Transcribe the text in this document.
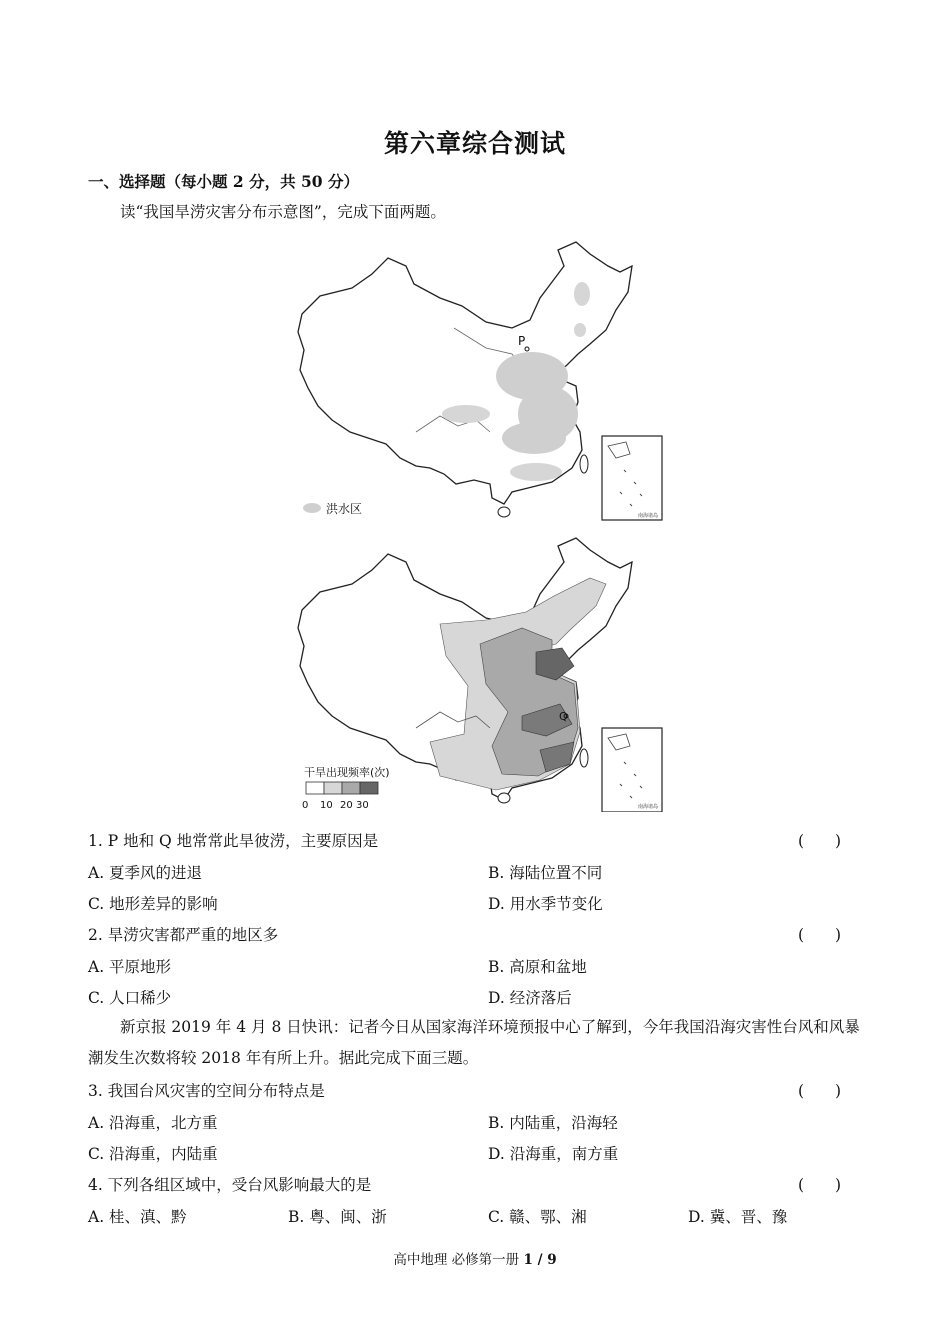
第六章综合测试
一、选择题（每小题 2 分，共 50 分）
读“我国旱涝灾害分布示意图”，完成下面两题。
P
南海诸岛
洪水区
Q
南海诸岛
干旱出现频率(次)
0 10 20 30
1. P 地和 Q 地常常此旱彼涝，主要原因是	(　　)
A. 夏季风的进退	B. 海陆位置不同
C. 地形差异的影响	D. 用水季节变化
2. 旱涝灾害都严重的地区多	(　　)
A. 平原地形	B. 高原和盆地
C. 人口稀少	D. 经济落后
新京报 2019 年 4 月 8 日快讯：记者今日从国家海洋环境预报中心了解到，今年我国沿海灾害性台风和风暴潮发生次数将较 2018 年有所上升。据此完成下面三题。
3. 我国台风灾害的空间分布特点是	(　　)
A. 沿海重，北方重	B. 内陆重，沿海轻
C. 沿海重，内陆重	D. 沿海重，南方重
4. 下列各组区域中，受台风影响最大的是	(　　)
A. 桂、滇、黔	B. 粤、闽、浙	C. 赣、鄂、湘	D. 冀、晋、豫
高中地理 必修第一册 1 / 9
